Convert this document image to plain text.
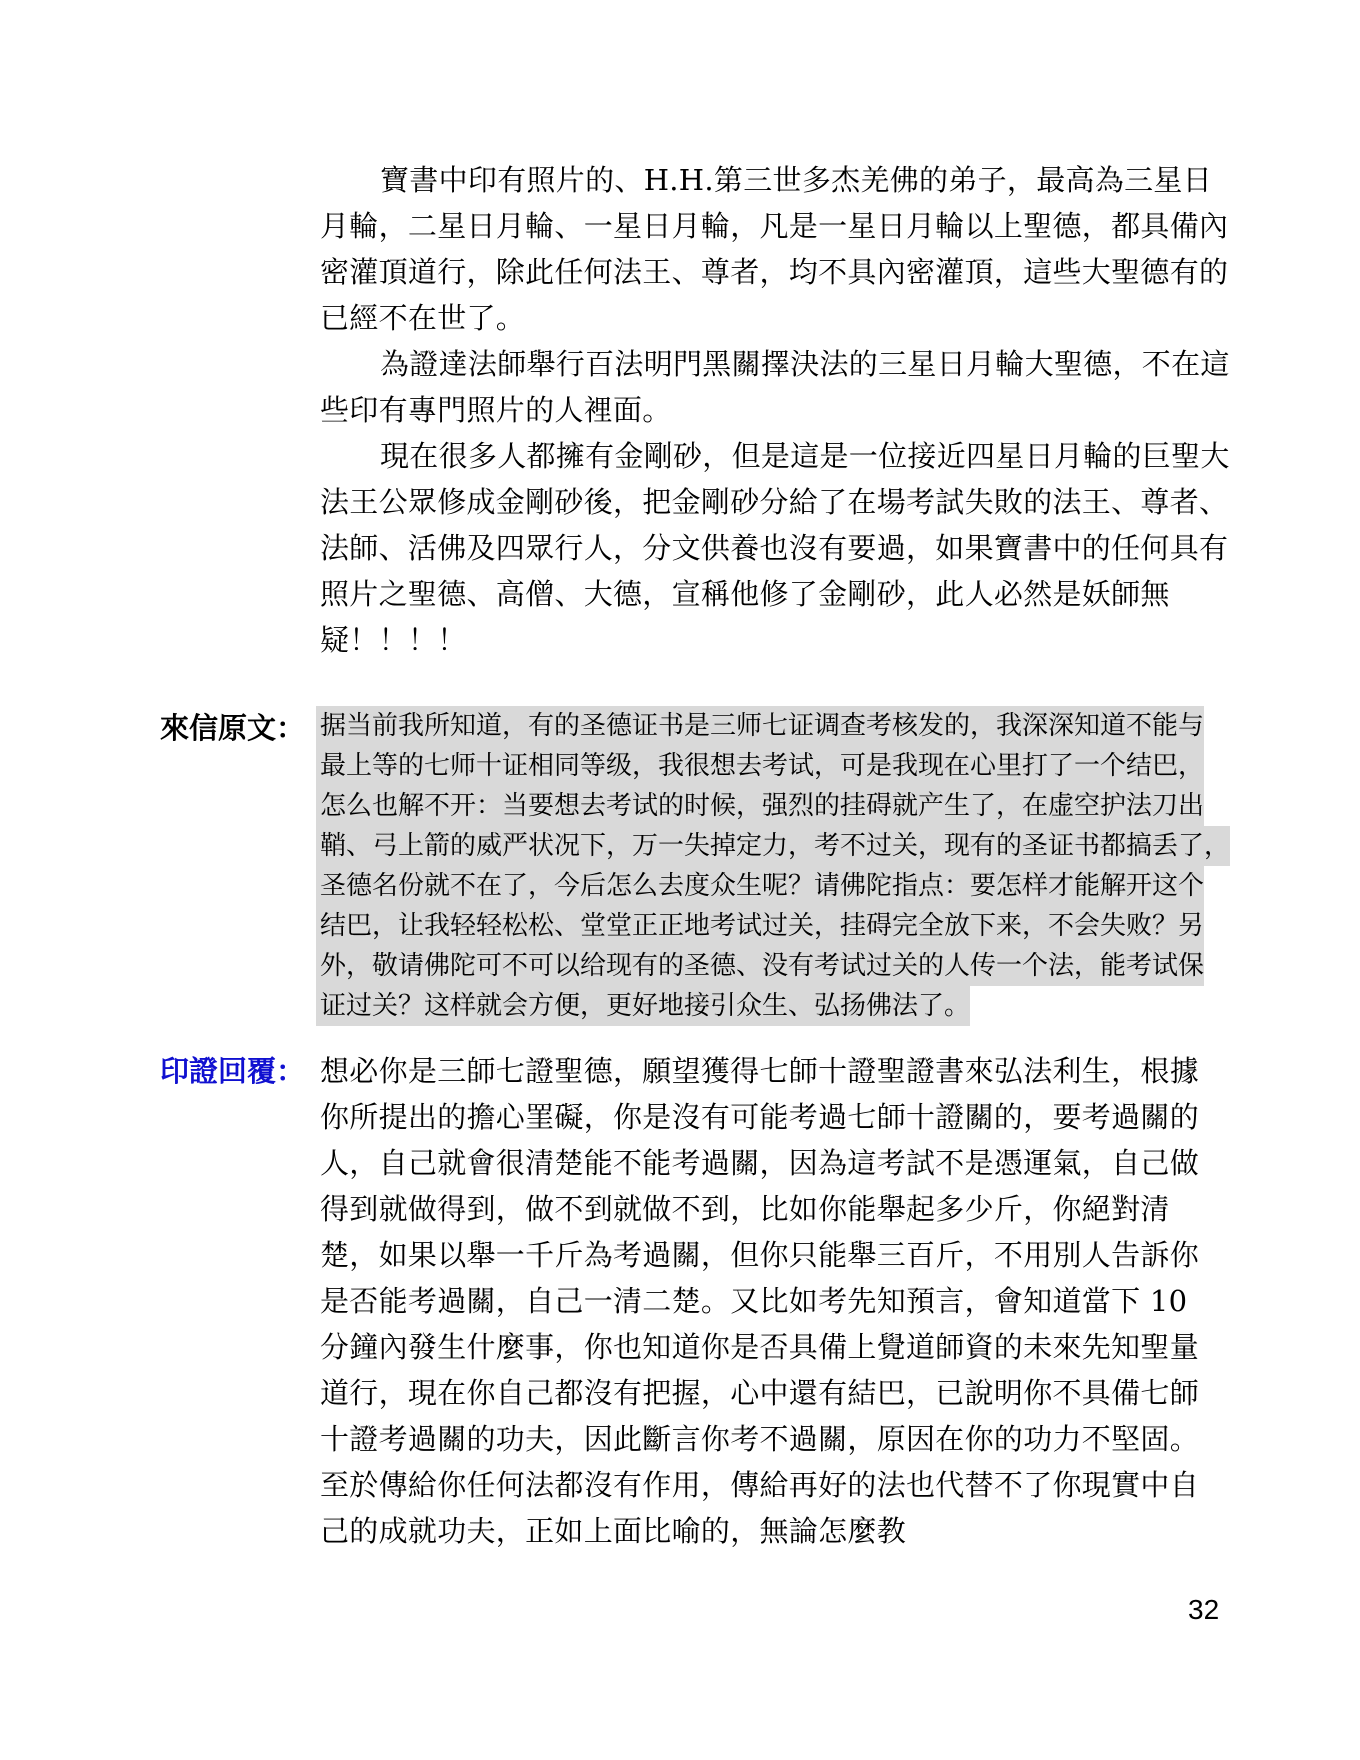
寶書中印有照片的、H.H.第三世多杰羌佛的弟子，最高為三星日月輪，二星日月輪、一星日月輪，凡是一星日月輪以上聖德，都具備內密灌頂道行，除此任何法王、尊者，均不具內密灌頂，這些大聖德有的已經不在世了。

為證達法師舉行百法明門黑關擇決法的三星日月輪大聖德，不在這些印有專門照片的人裡面。

現在很多人都擁有金剛砂，但是這是一位接近四星日月輪的巨聖大法王公眾修成金剛砂後，把金剛砂分給了在場考試失敗的法王、尊者、法師、活佛及四眾行人，分文供養也沒有要過，如果寶書中的任何具有照片之聖德、高僧、大德，宣稱他修了金剛砂，此人必然是妖師無疑！！！！

來信原文： 据当前我所知道，有的圣德证书是三师七证调查考核发的，我深深知道不能与
最上等的七师十证相同等级，我很想去考试，可是我现在心里打了一个结巴，
怎么也解不开：当要想去考试的时候，强烈的挂碍就产生了，在虚空护法刀出
鞘、弓上箭的威严状况下，万一失掉定力，考不过关，现有的圣证书都搞丢了，
圣德名份就不在了，今后怎么去度众生呢？请佛陀指点：要怎样才能解开这个
结巴，让我轻轻松松、堂堂正正地考试过关，挂碍完全放下来，不会失败？另
外，敬请佛陀可不可以给现有的圣德、没有考试过关的人传一个法，能考试保
证过关？这样就会方便，更好地接引众生、弘扬佛法了。
印證回覆： 想必你是三師七證聖德，願望獲得七師十證聖證書來弘法利生，根據你所提出的擔心罣礙，你是沒有可能考過七師十證關的，要考過關的人，自己就會很清楚能不能考過關，因為這考試不是憑運氣，自己做得到就做得到，做不到就做不到，比如你能舉起多少斤，你絕對清楚，如果以舉一千斤為考過關，但你只能舉三百斤，不用別人告訴你是否能考過關，自己一清二楚。又比如考先知預言，會知道當下 10 分鐘內發生什麼事，你也知道你是否具備上覺道師資的未來先知聖量道行，現在你自己都沒有把握，心中還有結巴，已說明你不具備七師十證考過關的功夫，因此斷言你考不過關，原因在你的功力不堅固。至於傳給你任何法都沒有作用，傳給再好的法也代替不了你現實中自己的成就功夫，正如上面比喻的，無論怎麼教

32
